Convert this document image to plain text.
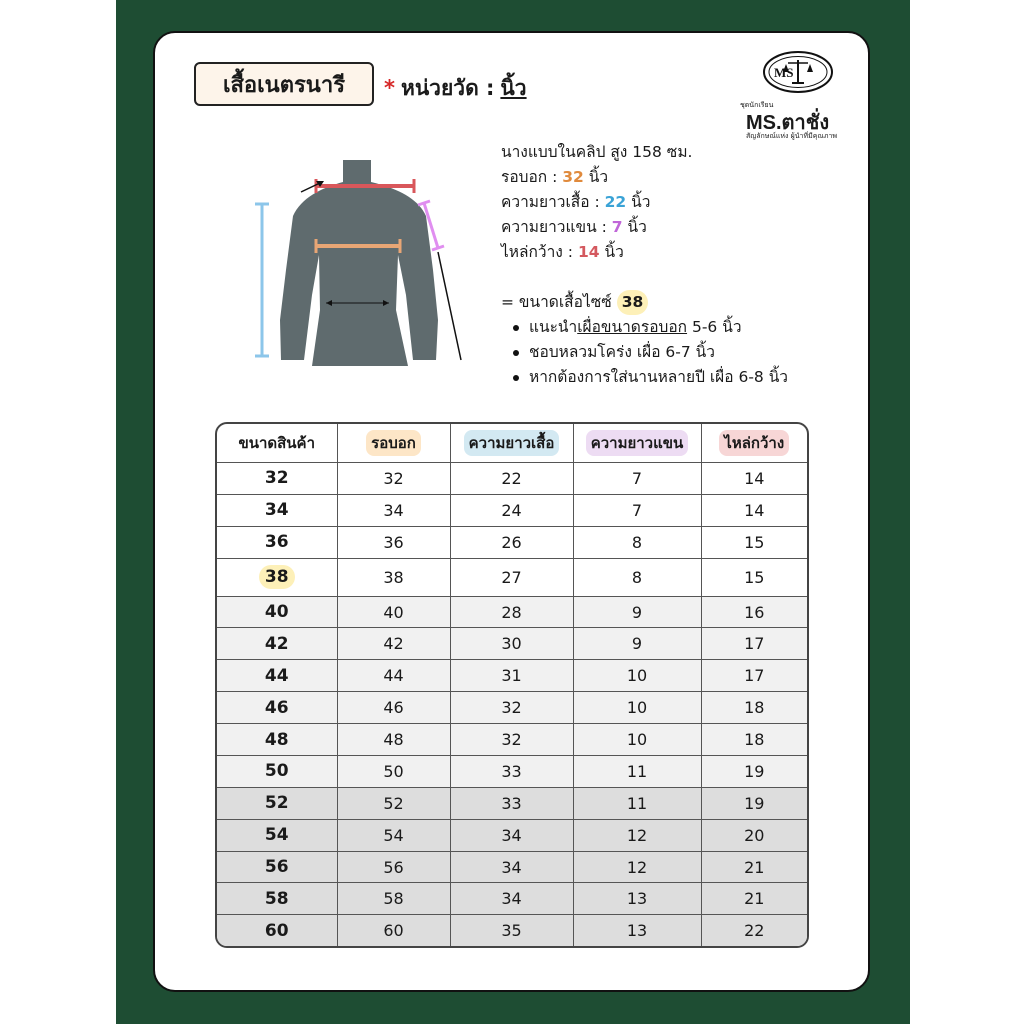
เสื้อเนตรนารี * หน่วยวัด : นิ้ว
MS
ชุดนักเรียน
MS.ตาชั่ง
สัญลักษณ์แห่ง ผู้นำที่มีคุณภาพ
นางแบบในคลิป สูง 158 ซม.
รอบอก : 32 นิ้ว
ความยาวเสื้อ : 22 นิ้ว
ความยาวแขน : 7 นิ้ว
ไหล่กว้าง : 14 นิ้ว
= ขนาดเสื้อไซซ์ 38
แนะนำเผื่อขนาดรอบอก 5-6 นิ้ว
ชอบหลวมโคร่ง เผื่อ 6-7 นิ้ว
หากต้องการใส่นานหลายปี เผื่อ 6-8 นิ้ว
ขนาดสินค้า	รอบอก	ความยาวเสื้อ	ความยาวแขน	ไหล่กว้าง
32	32	22	7	14
34	34	24	7	14
36	36	26	8	15
38	38	27	8	15
40	40	28	9	16
42	42	30	9	17
44	44	31	10	17
46	46	32	10	18
48	48	32	10	18
50	50	33	11	19
52	52	33	11	19
54	54	34	12	20
56	56	34	12	21
58	58	34	13	21
60	60	35	13	22
